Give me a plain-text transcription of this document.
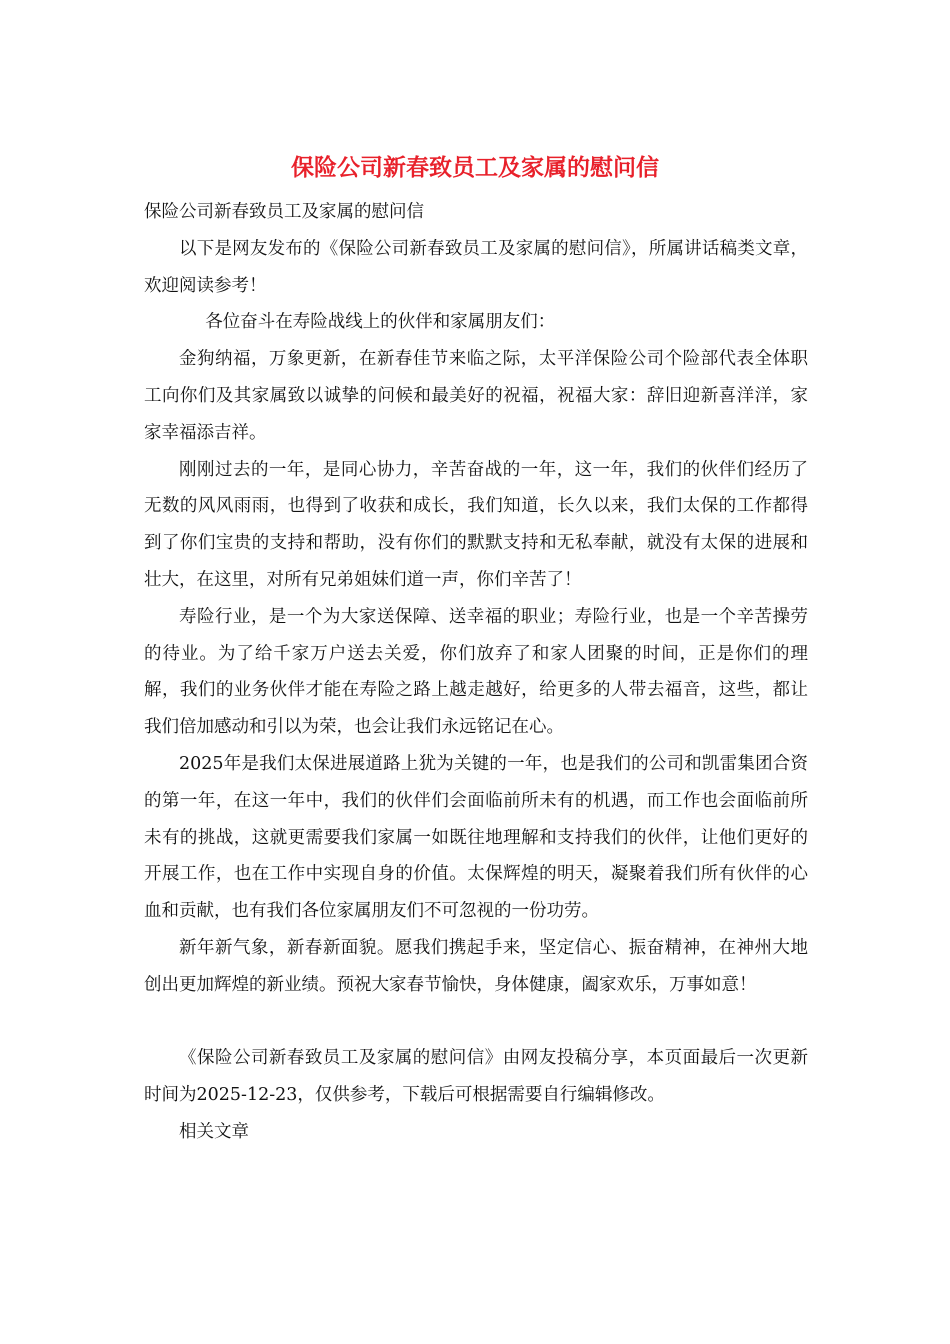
保险公司新春致员工及家属的慰问信

保险公司新春致员工及家属的慰问信

以下是网友发布的《保险公司新春致员工及家属的慰问信》，所属讲话稿类文章，欢迎阅读参考！

各位奋斗在寿险战线上的伙伴和家属朋友们：

金狗纳福，万象更新，在新春佳节来临之际，太平洋保险公司个险部代表全体职工向你们及其家属致以诚挚的问候和最美好的祝福，祝福大家：辞旧迎新喜洋洋，家家幸福添吉祥。

刚刚过去的一年，是同心协力，辛苦奋战的一年，这一年，我们的伙伴们经历了无数的风风雨雨，也得到了收获和成长，我们知道，长久以来，我们太保的工作都得到了你们宝贵的支持和帮助，没有你们的默默支持和无私奉献，就没有太保的进展和壮大，在这里，对所有兄弟姐妹们道一声，你们辛苦了！

寿险行业，是一个为大家送保障、送幸福的职业；寿险行业，也是一个辛苦操劳的待业。为了给千家万户送去关爱，你们放弃了和家人团聚的时间，正是你们的理解，我们的业务伙伴才能在寿险之路上越走越好，给更多的人带去福音，这些，都让我们倍加感动和引以为荣，也会让我们永远铭记在心。

2025年是我们太保进展道路上犹为关键的一年，也是我们的公司和凯雷集团合资的第一年，在这一年中，我们的伙伴们会面临前所未有的机遇，而工作也会面临前所未有的挑战，这就更需要我们家属一如既往地理解和支持我们的伙伴，让他们更好的开展工作，也在工作中实现自身的价值。太保辉煌的明天，凝聚着我们所有伙伴的心血和贡献，也有我们各位家属朋友们不可忽视的一份功劳。

新年新气象，新春新面貌。愿我们携起手来，坚定信心、振奋精神，在神州大地创出更加辉煌的新业绩。预祝大家春节愉快，身体健康，阖家欢乐，万事如意！

《保险公司新春致员工及家属的慰问信》由网友投稿分享，本页面最后一次更新时间为2025-12-23，仅供参考，下载后可根据需要自行编辑修改。

相关文章
